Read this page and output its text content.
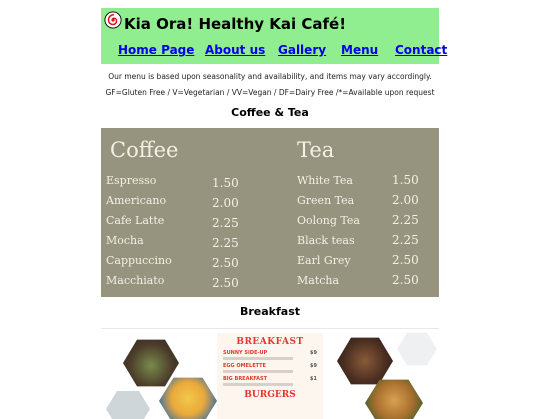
Kia Ora! Healthy Kai Café!
Home Page About us Gallery Menu Contact
Our menu is based upon seasonality and availability, and items may vary accordingly.
GF=Gluten Free / V=Vegetarian / VV=Vegan / DF=Dairy Free /*=Available upon request
Coffee & Tea
Coffee	Tea
Espresso	1.50
Americano	2.00
Cafe Latte	2.25
Mocha	2.25
Cappuccino	2.50
Macchiato	2.50
White Tea	1.50
Green Tea	2.00
Oolong Tea	2.25
Black teas	2.25
Earl Grey	2.50
Matcha	2.50
Breakfast
BREAKFAST
SUNNY SIDE-UP	$9
EGG OMELETTE	$9
BIG BREAKFAST	$1
BURGERS
